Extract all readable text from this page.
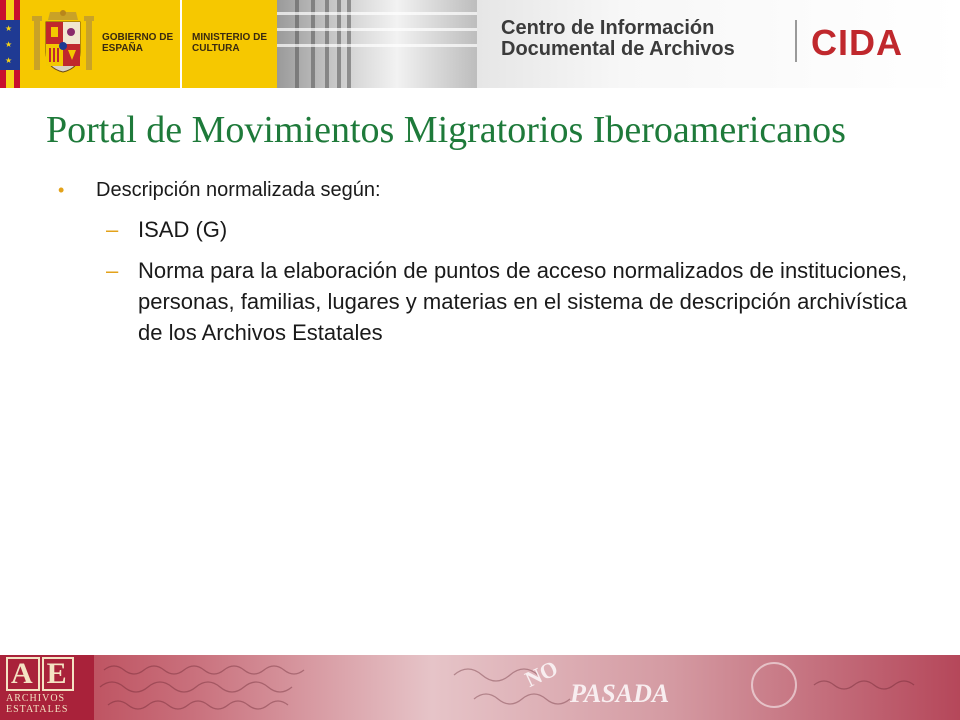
★
★
★
GOBIERNO DE ESPAÑA
MINISTERIO DE CULTURA
Centro de Información
Documental de Archivos CIDA
Portal de Movimientos Migratorios Iberoamericanos
• Descripción normalizada según:
– ISAD (G)
– Norma para la elaboración de puntos de acceso normalizados de instituciones, personas, familias, lugares y materias en el sistema de descripción archivística de los Archivos Estatales
A E
ARCHIVOS
ESTATALES
NO
PASADA
